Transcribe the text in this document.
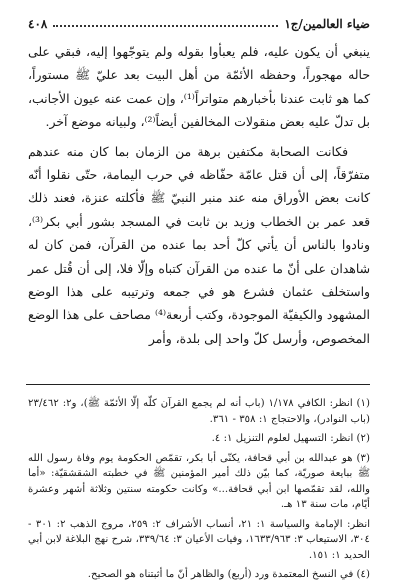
ضياء العالمين/ج١
٤٠٨

ينبغي أن يكون عليه، فلم يعبأوا بقوله ولم يتوجّهوا إليه، فبقي على حاله مهجوراً، وحفظه الأئمّة من أهل البيت بعد عليّ ﷺ مستوراً، كما هو ثابت عندنا بأخبارهم متواتراً⁽¹⁾، وإن عمت عنه عيون الأجانب، بل تدلّ عليه بعض منقولات المخالفين أيضاً⁽²⁾، ولبيانه موضع آخر.

فكانت الصحابة مكتفين برهة من الزمان بما كان منه عندهم متفرّقاً، إلى أن قتل عامّة حفّاظه في حرب اليمامة، حتّى نقلوا أنّه كانت بعض الأوراق منه عند منبر النبيّ ﷺ فأكلته عنزة، فعند ذلك قعد عمر بن الخطاب وزيد بن ثابت في المسجد بشور أبي بكر⁽³⁾، ونادوا بالناس أن يأتي كلّ أحد بما عنده من القرآن، فمن كان له شاهدان على أنّ ما عنده من القرآن كتباه وإلّا فلا، إلى أن قُتل عمر واستخلف عثمان فشرع هو في جمعه وترتيبه على هذا الوضع المشهود والكيفيّة الموجودة، وكتب أربعة⁽⁴⁾ مصاحف على هذا الوضع المخصوص، وأرسل كلّ واحد إلى بلدة، وأمر

(١) انظر: الكافي ١/١٧٨ (باب أنه لم يجمع القرآن كلّه إلّا الأئمّة ﷺ)، و٢: ٢٣/٤٦٢ (باب النوادر)، والاحتجاج ١: ٣٥٨ - ٣٦١.

(٢) انظر: التسهيل لعلوم التنزيل ١: ٤.

(٣) هو عبدالله بن أبي قحافة، يكنّى أبا بكر، تقمّص الحكومة يوم وفاة رسول الله ﷺ ببايعة صوريّة، كما بيّن ذلك أمير المؤمنين ﷺ في خطبته الشقشقيّة: «أما والله، لقد تقمّصها ابن أبي قحافة...» وكانت حكومته سنتين وثلاثة أشهر وعشرة أيّام، مات سنة ١٣ هـ.

انظر: الإمامة والسياسة ١: ٢١، أنساب الأشراف ٢: ٢٥٩، مروج الذهب ٢: ٣٠١ - ٣٠٤، الاستيعاب ٣: ١٦٣٣/٩٦٣، وفيات الأعيان ٣: ٣٣٩/٦٤، شرح نهج البلاغة لابن أبي الحديد ١: ١٥١.

(٤) في النسخ المعتمدة ورد (أربع) والظاهر أنّ ما أثبتناه هو الصحيح.
